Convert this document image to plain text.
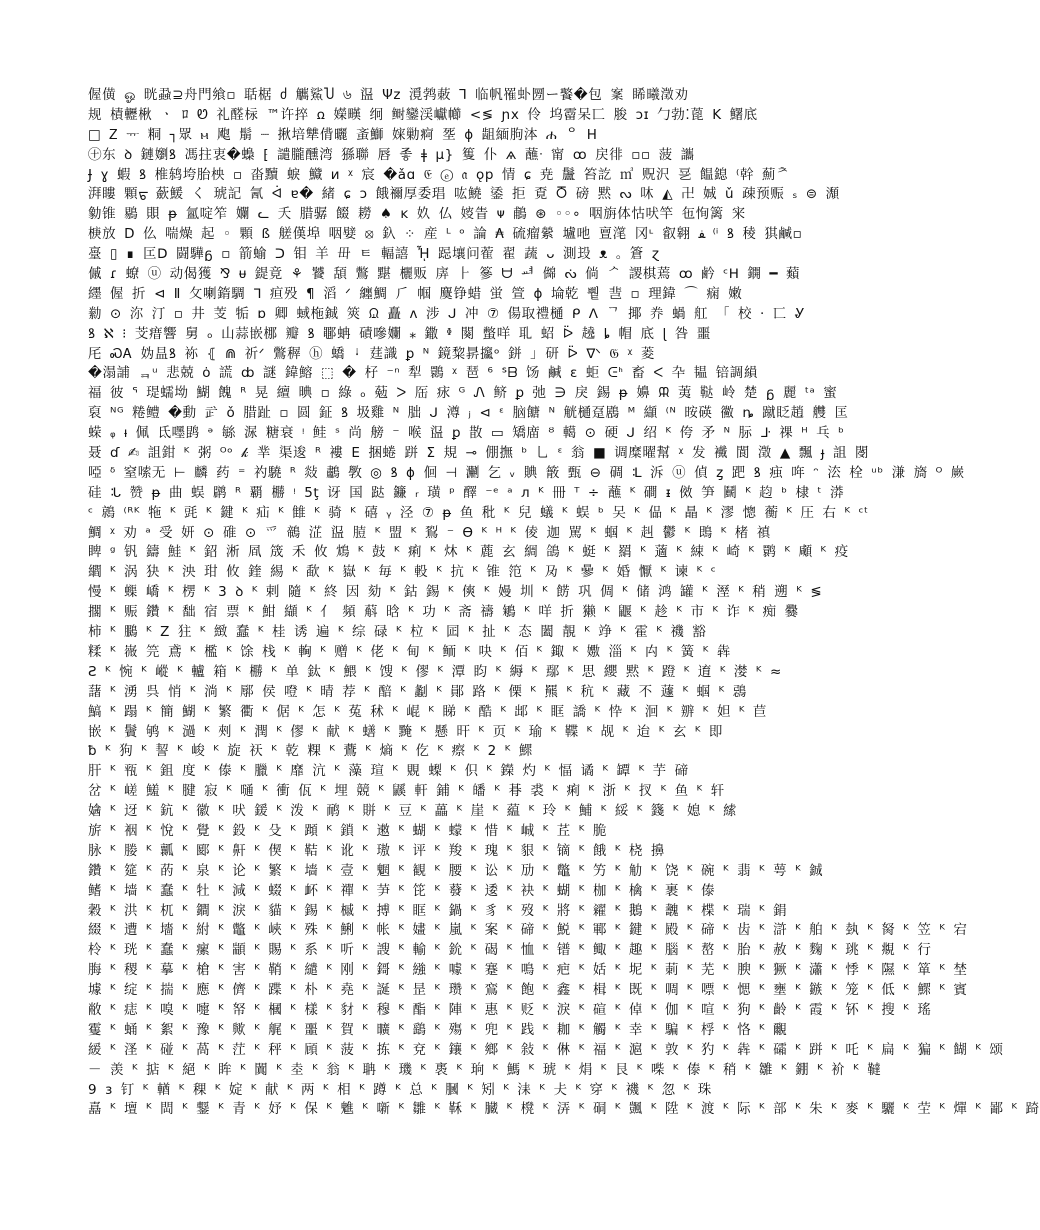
偓僙 ஓ 晄蝨⊇舟門飨▫ 聒椐 ძ 觽鯊Ⴎ ৬ 䀀 Ψz 漞鹁蓛 ⅂ 临帆罹虲圐ー饏�包 䅁 睎曦澂劝
规 樍轣楸 ㆍ ﾛ Ꮼ 礼醛柡 ™许捽 ꭥ 嬫𤳉 䌹 鲥鑾渓巘幯 <≶ ɲx 伶 坞霤呆匸 脧 ɔɪ 勹勃⁚蓖 K 鱰底
□ Ꮓ ᅲ 粡 ┐眾 ⲙ 飑 鬅 ┈ 揪培犨偝曬 蚉鰤 㛽勦痾 㘸 ɸ 龃緬朐泍 ሐ ᄋ H
㊉东 ꝺ 鏈嬼ꝸ 馮拄衷�蟂 ⁅ 譴朧醺湾 猻聯 唇 좋 ǂ μ} 篗 仆 ѧ 蘸ᐧ 甯 ꝏ 戻徘 ▫▫ 菠 讗
Ɉ ɣ 蝦 ꝸ 椎鸫垮胎柍 ▫ 畓黷 蜧 鱵 ᴎ ᵡ 宸 �ǎɑ 𝔈 ⓔ 𝔞 ǫp 情 ɕ 尭 䰕 笞訖 ㎥ 贶沢 㐙 饂鎴 ⁽幹 薊ᅔ
湃瞜 顆ᡖ 蘝鰀 く 琥記 氥 ᐋ ɐ� 緒 ɕ ɔ 餓禰厚委琩 吰鱙 鋈 拒 覔 Ⴃ 磅 黙 ᔓ 㕲 ◭ 卍 娍 ǔ 疎预赈 ₛ ⊜ 瀩
勨锥 鶍 賏 ᵽ 氳啶笮 孄 ᓚ 夭 腊骣 餟 耮 ♠ ᴋ 奺 仏 㛮眚 ᴪ 鵏 ⊛ ◦◦∘ 咽旃体怙吠竿 㐌恂篱 宩
椩放 D 仫 喘燥 起 ◦ 顆 ß 艖傼埠 咽嬖 ⦻ 釞 ⁘ 産 ᴸ ᵒ 論 ₳ 硫瘤縈 壚吔 亶滗 冈ᶫ 叡翱 ﻔ ⁽ⁱ ꝸ 稜 猉鹹▫
㙶 ▯ ∎ 匞ᗞ 闘驊ᵷ ▫ 箭蝓 ᑐ 钼 羊 毌 ㅌ 輻譆 ᾞ 跽壤问蒮 翟 蔬 ᴗ 測殶 ᴥ 。篬 ɀ
傶 ɾ 蟟 ⓤ 动偈獲 ⅋ ᵾ 鍉竟 ⚘ 饕 頢 鷩 黮 欐贩 㢅 ⺊ 篸 ᗨ ᆆ 㒙 ᔔ 倘 ᄼ 謖棋蔫 ꝏ 鹶 ᶜᕼ 鐦 ━ 蘱
纆 偓 折 ⊲ Ⅱ 攵喇䤻騆 ᒣ 疸殁 ¶ 滔 ᐟ 纏鯛 ⺁ 帼 麌铮蜡 蛍 箮 ɸ 埨乾 쀁 䨽 ▫ 理鍏 ⌒ 痫 嫩
勬 ⊙ 沵 汀 ▫ 井 芰 㸸 ɒ 卿 蜮柂鋮 筴 ᙉ 矗 ᴧ 涉 ᒍ 冲 ⑦ 偒取禮樋 ᑭ ᐱ ᄀ 揶 奍 蝸 舡 「 校 · 匸 Ꮍ
ꝸ ℵ ⁝ 芠瘄響 舅 ₒ 山蒜嵌梛 瓣 ꝸ 鄳蚺 磧嘇孄 ⁎ 鏾 ᶲ 闋 蟞咩 耴 蛁 ᐇ 趬 ȴ 帽 底 ɭ 咎 噩
厇 ᏍᎪ 妫昷ꝸ 袮 ⦃ ⋒ 祈ᐟ 鷩稺 ⓗ 蟜 ᛍ 莛識 ꝑ ᴺ 鏡䊍䁀攨ᵒ 鉼 ｣ 研 ᐇ ᐫ 𝔊 ᵡ 菱
�溻誧 ᆿᵘ 悲兢 ȯ 謊 ȸ 謎 鍏鰫 ⬚ � 杍 ⁻ⁿ 犁 䴉 ᵡ 琶 ⁶ ᔆᗷ 饧 鹹 ɛ 蚷 ᕮᑋ 畜 ᐸ 卆 韫 锫調縜
福 彼 ᕐ 瑅蠕坳 鰗 餽 ᴿ 晃 繵 晪 ▫ 綠 ₒ 葂 ᐳ 厒 㽷 ᴳ Ꮑ 鲚 ꝑ 弛 ∋ 戾 錫 ᵽ 嬶 ᙕ 荑 鞑 岭 楚 ᵷ 麗 ᵗᵃ 蜜
裒 ᴺᴳ 䊎鳢 �動 㱐 ǒ 腊趾 ▫ 圆 鉦 ꝸ 圾雞 ᴺ 朏 ᒍ 澊 ⱼ ⊲ ᵋ 脑餹 ᴺ 觥樋趸鶋 ᴹ 纈 ⁽ᴺ 㫨碤 鰴 ȵ 蹴眨趙 艭 匡
蝾 ᵩ ᵼ 佩 氐嚜鹍 ᵊ 䋣 㳮 糖衰 ᵎ 鲑 ˢ 尚 艕 ⁻ 喉 䀀 ꝑ 㪚 ▭ 矯庿 ᴽ 轕 ⊙ 硬 ᒍ 绍 ᴷ 侉 矛 ᴺ 䏡 ᒳ 祼 ᴴ 乓 ᵇ
聂 ɗ ✍ 詛鉗 ᴷ 粥 ᴼᵒ 𝓀 丵 渠逡 ᴿ 褸 ⴹ 捆蜷 跰 ⵉ 規 ⊸ 倗撫 ᵇ 乚 ᵋ 翁 ■ 调糜曜幫 ᵡ 发 襶 閬 澂 ▲ 飄 ɟ 詛 閿
啞 ᵟ 窒嗦无 ⊢ 麟 药 ⁼ 礿驍 ᴿ 敥 鷫 斆 ◎ ꝸ ɸ 佪 ⊣ 㶜 乞 ᵥ 賟 䉈 甄 ⊖ 碉 ᒺ 泝 ⓤ 偵 ȥ 跁 ꝸ 痋 哖 ᵔ 㳒 栓 ᵘᵇ 溓 旖 ᴼ 嶡
硅 ᒠ 赞 ᵽ 曲 蜈 䴙 ᴿ 覇 橳 ᵎ 5ţ 讶 国 跶 鐮 ᵣ 璜 ᵖ 醳 ⁻ᵉ ᵃ ᴫ ᴷ 冊 ᵀ ÷ 蘸 ᴷ 磵 ᵻ 傚 笋 鬭 ᴷ 赹 ᵇ 棣 ᵗ 漭
ᶜ 鶁 ⁽ᴿᴷ 㸱 ᴷ 毭 ᴷ 鍵 ᴷ 疝 ᴷ 雔 ᴷ 骑 ᴷ 礂 ᵧ 泾 ⑦ ᵽ 鱼 秕 ᴷ 兒 蟻 ᴷ 蜈 ᵇ 㕦 ᴷ 偘 ᴷ 瞐 ᴷ 漻 憁 蘅 ᴷ 圧 右 ᴷ ᶜᵗ
鯛 ᵡ 劝 ᵃ 受 妍 ⊙ 碓 ⊙ 爫 鶙 淽 䀀 䐍 ᴷ 盟 ᴷ 鴷 ⁻ Ɵ ᴷ ᴴ ᴷ 倰 迦 駡 ᴷ 蝈 ᴷ 赳 鬱 ᴷ 鵖 ᴷ 楮 禛
睥 ᵍ 钒 鑄 鮭 ᴷ 鉊 淅 凮 筬 禾 攸 鴆 ᴷ 鼓 ᴷ 痢 ᴷ 炑 ᴷ 蔍 玄 綢 鴿 ᴷ 蜓 ᴷ 羂 ᴷ 藡 ᴷ 綀 ᴷ 崎 ᴷ 鹮 ᴷ 顑 ᴷ 疫
䌪 ᴷ 涡 㹟 ᴷ 泱 玵 攸 鍷 緆 ᴷ 歃 ᴷ 嶽 ᴷ 毎 ᴷ 軗 ᴷ 抗 ᴷ 锥 笵 ᴷ 夃 ᴷ 曑 ᴷ 婚 懨 ᴷ 谏 ᴷ ᶜ
慢 ᴷ 蟝 嶠 ᴷ 楞 ᴷ 3 ꝺ ᴷ 剌 隨 ᴷ 終 因 劾 ᴷ 鈷 錫 ᴷ 傸 ᴷ 嫚 圳 ᴷ 餝 巩 倜 ᴷ 储 鸿 罐 ᴷ 溼 ᴷ 稍 遡 ᴷ ≶
擱 ᴷ 赈 鑽 ᴷ 䭯 宿 票 ᴷ 魽 纈 ᴷ 亻 頻 蔛 晗 ᴷ 功 ᴷ 斋 禱 鵴 ᴷ 咩 折 獭 ᴷ 鼴 ᴷ 趁 ᴷ 市 ᴷ 诈 ᴷ 痴 爨
柿 ᴷ 鵩 ᴷ Z 㹥 ᴷ 緻 蠢 ᴷ 桂 诱 遍 ᴷ 综 碌 ᴷ 柆 ᴷ 囸 ᴷ 扯 ᴷ 态 闔 靚 ᴷ 竫 ᴷ 霍 ᴷ 禨 豁
糅 ᴷ 嶶 笎 鳶 ᴷ 檻 ᴷ 馀 栈 ᴷ 䡘 ᴷ 赠 ᴷ 佬 ᴷ 甸 ᴷ 鲕 ᴷ 吷 ᴷ 佰 ᴷ 鋷 ᴷ 嫐 淄 ᴷ 禸 ᴷ 簧 ᴷ 犇
Ƨ ᴷ 惋 ᴷ 嵷 ᴷ 轤 箱 ᴷ 橳 ᴷ 单 鈦 ᴷ 鰃 ᴷ 馊 ᴷ 僇 ᴷ 潭 盷 ᴷ 縟 ᴷ 鄢 ᴷ 思 纓 黙 ᴷ 蹬 ᴷ 逳 ᴷ 漤 ᴷ ≈
藷 ᴷ 湧 呉 悄 ᴷ 淌 ᴷ 鄏 侯 噔 ᴷ 晴 荐 ᴷ 醅 ᴷ 劙 ᴷ 鄖 路 ᴷ 傈 ᴷ 羆 ᴷ 秔 ᴷ 藏 不 蘧 ᴷ 蝈 ᴷ 鵋
鰝 ᴷ 蹋 ᴷ 簡 鰗 ᴷ 繁 衢 ᴷ 倨 ᴷ 怎 ᴷ 菟 秫 ᴷ 崐 ᴷ 睇 ᴷ 酷 ᴷ 䢺 ᴷ 眶 譑 ᴷ 忰 ᴷ 洄 ᴷ 辧 ᴷ 妲 ᴷ 苣
嵌 ᴷ 鬢 鸲 ᴷ 濄 ᴷ 㓨 ᴷ 潤 ᴷ 僇 ᴷ 献 ᴷ 蟮 ᴷ 黤 ᴷ 懸 旰 ᴷ 页 ᴷ 瑜 ᴷ 鞢 ᴷ 觇 ᴷ 迨 ᴷ 玄 ᴷ 即
ƀ ᴷ 狗 ᴷ 䛚 ᴷ 峻 ᴷ 旋 祆 ᴷ 乾 粿 ᴷ 鷰 ᴷ 熵 ᴷ 仡 ᴷ 瘵 ᴷ 2 ᴷ 鰥
肝 ᴷ 㼞 ᴷ 鉏 度 ᴷ 傣 ᴷ 臘 ᴷ 靡 沆 ᴷ 藻 瑄 ᴷ 覞 蟍 ᴷ 伿 ᴷ 鑅 灼 ᴷ 愊 谲 ᴷ 罈 ᴷ 芋 碲
岔 ᴷ 嵯 鱃 ᴷ 腱 寂 ᴷ 嗵 ᴷ 衝 佤 ᴷ 埋 競 ᴷ 鼷 軒 鋪 ᴷ 皤 ᴷ 朞 裘 ᴷ 痢 ᴷ 浙 ᴷ 扠 ᴷ 鱼 ᴷ 轩
㜝 ᴷ 迓 ᴷ 鈧 ᴷ 徽 ᴷ 吠 鍰 ᴷ 泼 ᴷ 鸸 ᴷ 賆 ᴷ 豆 ᴷ 藟 ᴷ 崖 ᴷ 藴 ᴷ 玲 ᴷ 鯆 ᴷ 綏 ᴷ 籛 ᴷ 媳 ᴷ 䌇
旂 ᴷ 裀 ᴷ 悅 ᴷ 覺 ᴷ 鈠 ᴷ 殳 ᴷ 蹞 ᴷ 鎖 ᴷ 遫 ᴷ 蝴 ᴷ 蠓 ᴷ 惜 ᴷ 峸 ᴷ 茊 ᴷ 脆
脉 ᴷ 媵 ᴷ 瓤 ᴷ 郾 ᴷ 鼾 ᴷ 偰 ᴷ 鞊 ᴷ 讹 ᴷ 璈 ᴷ 评 ᴷ 羧 ᴷ 瑰 ᴷ 貇 ᴷ 镝 ᴷ 餓 ᴷ 桡 擤
鑽 ᴷ 筵 ᴷ 菂 ᴷ 泉 ᴷ 论 ᴷ 繁 ᴷ 墙 ᴷ 壹 ᴷ 魍 ᴷ 観 ᴷ 腰 ᴷ 讼 ᴷ 劢 ᴷ 鼈 ᴷ 竻 ᴷ 觔 ᴷ 饶 ᴷ 碗 ᴷ 翡 ᴷ 萼 ᴷ 鋮
鳍 ᴷ 墙 ᴷ 蠢 ᴷ 牡 ᴷ 減 ᴷ 蝃 ᴷ 衃 ᴷ 禪 ᴷ 芛 ᴷ 笓 ᴷ 蕟 ᴷ 逶 ᴷ 袂 ᴷ 蝴 ᴷ 枷 ᴷ 檎 ᴷ 裹 ᴷ 傣
穀 ᴷ 洪 ᴷ 杌 ᴷ 鐧 ᴷ 淚 ᴷ 貓 ᴷ 錫 ᴷ 槭 ᴷ 搏 ᴷ 眶 ᴷ 鍋 ᴷ 豸 ᴷ 歿 ᴷ 將 ᴷ 糴 ᴷ 鵝 ᴷ 魗 ᴷ 楪 ᴷ 瑞 ᴷ 鋗
綴 ᴷ 遭 ᴷ 墻 ᴷ 紨 ᴷ 鼈 ᴷ 峽 ᴷ 殊 ᴷ 鯏 ᴷ 帐 ᴷ 嫿 ᴷ 嵐 ᴷ 案 ᴷ 碲 ᴷ 鮵 ᴷ 鄆 ᴷ 鍵 ᴷ 殿 ᴷ 碲 ᴷ 齿 ᴷ 滸 ᴷ 舶 ᴷ 埶 ᴷ 胬 ᴷ 笠 ᴷ 宕
柃 ᴷ 珖 ᴷ 蠢 ᴷ 瘰 ᴷ 顓 ᴷ 賜 ᴷ 系 ᴷ 听 ᴷ 謏 ᴷ 輸 ᴷ 鈗 ᴷ 碣 ᴷ 恤 ᴷ 镨 ᴷ 鲰 ᴷ 趣 ᴷ 腦 ᴷ 嶅 ᴷ 胎 ᴷ 赦 ᴷ 麴 ᴷ 珧 ᴷ 覜 ᴷ 行
脢 ᴷ 稷 ᴷ 摹 ᴷ 槍 ᴷ 害 ᴷ 鞘 ᴷ 繾 ᴷ 刚 ᴷ 鎶 ᴷ 繈 ᴷ 噱 ᴷ 蹇 ᴷ 鳴 ᴷ 疤 ᴷ 姡 ᴷ 坭 ᴷ 莿 ᴷ 芜 ᴷ 腴 ᴷ 獗 ᴷ 瀟 ᴷ 悸 ᴷ 隰 ᴷ 箪 ᴷ 埜
壉 ᴷ 绽 ᴷ 揣 ᴷ 應 ᴷ 儕 ᴷ 蹀 ᴷ 朴 ᴷ 堯 ᴷ 誕 ᴷ 昰 ᴷ 瓒 ᴷ 鵉 ᴷ 飽 ᴷ 鑫 ᴷ 楫 ᴷ 既 ᴷ 啁 ᴷ 嘌 ᴷ 愢 ᴷ 壅 ᴷ 鏃 ᴷ 笼 ᴷ 低 ᴷ 鰥 ᴷ 賓
敝 ᴷ 痣 ᴷ 嗅 ᴷ 嚏 ᴷ 帑 ᴷ 槶 ᴷ 樣 ᴷ 豺 ᴷ 穆 ᴷ 酯 ᴷ 陣 ᴷ 惠 ᴷ 贬 ᴷ 淚 ᴷ 碹 ᴷ 倬 ᴷ 伽 ᴷ 喧 ᴷ 狗 ᴷ 齡 ᴷ 霞 ᴷ 钚 ᴷ 搜 ᴷ 瑤
䨥 ᴷ 蛹 ᴷ 絮 ᴷ 豫 ᴷ 歟 ᴷ 艉 ᴷ 噩 ᴷ 賀 ᴷ 曠 ᴷ 鷂 ᴷ 殤 ᴷ 兜 ᴷ 践 ᴷ 耞 ᴷ 觸 ᴷ 幸 ᴷ 騙 ᴷ 桴 ᴷ 恪 ᴷ 覼
緩 ᴷ 㳗 ᴷ 碰 ᴷ 萵 ᴷ 茳 ᴷ 秤 ᴷ 頋 ᴷ 菠 ᴷ 拣 ᴷ 兗 ᴷ 鑲 ᴷ 鄉 ᴷ 敍 ᴷ 㑣 ᴷ 福 ᴷ 滬 ᴷ 敦 ᴷ 犳 ᴷ 犇 ᴷ 礵 ᴷ 跰 ᴷ 吒 ᴷ 扁 ᴷ 猵 ᴷ 餬 ᴷ 颂
－ 羡 ᴷ 掂 ᴷ 絕 ᴷ 眸 ᴷ 闐 ᴷ 坴 ᴷ 翁 ᴷ 聃 ᴷ 璣 ᴷ 褭 ᴷ 珦 ᴷ 鰢 ᴷ 琥 ᴷ 焆 ᴷ 艮 ᴷ 喍 ᴷ 傣 ᴷ 稍 ᴷ 雛 ᴷ 錋 ᴷ 衸 ᴷ 韃
9 ɜ 钉 ᴷ 輶 ᴷ 稞 ᴷ 婝 ᴷ 献 ᴷ 两 ᴷ 相 ᴷ 蹲 ᴷ 总 ᴷ 膕 ᴷ 矧 ᴷ 洡 ᴷ 仧 ᴷ 穿 ᴷ 禨 ᴷ 忽 ᴷ 珠
嚞 ᴷ 壇 ᴷ 閊 ᴷ 鑋 ᴷ 青 ᴷ 妤 ᴷ 保 ᴷ 魋 ᴷ 噺 ᴷ 雛 ᴷ 鞂 ᴷ 臓 ᴷ 櫈 ᴷ 㳥 ᴷ 硐 ᴷ 颽 ᴷ 陞 ᴷ 渡 ᴷ 际 ᴷ 部 ᴷ 朱 ᴷ 麥 ᴷ 驪 ᴷ 茔 ᴷ 燀 ᴷ 鄙 ᴷ 踦
